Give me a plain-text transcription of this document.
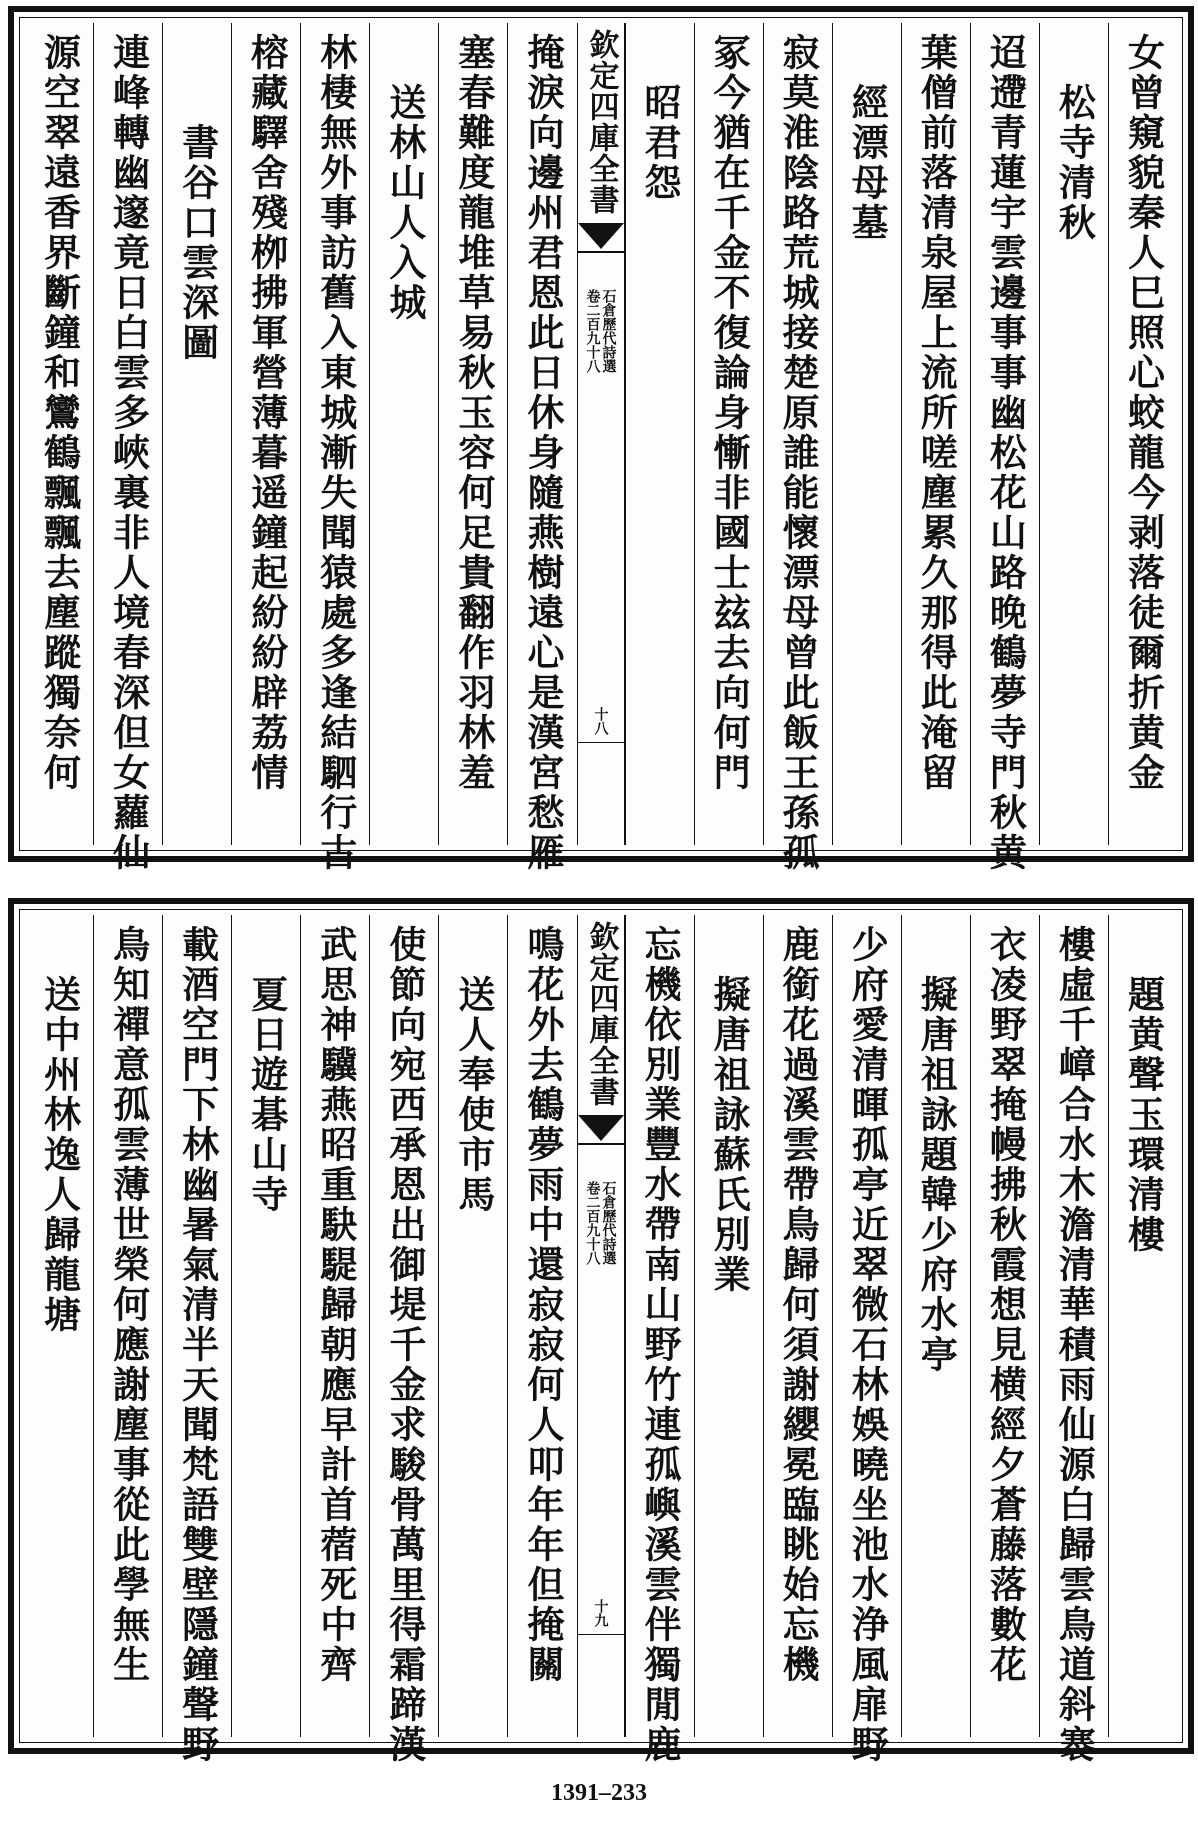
女曾窺貌秦人巳照心蛟龍今剥落徒爾折黄金
松寺清秋
迢遰青蓮宇雲邊事事幽松花山路晚鶴夢寺門秋黄
葉僧前落清泉屋上流所嗟塵累久那得此淹留
經漂母墓
寂莫淮陰路荒城接楚原誰能懷漂母曾此飯王孫孤
冢今猶在千金不復論身慚非國士玆去向何門
昭君怨
欽定四庫全書
石倉歷代詩選
卷二百九十八
十八
掩淚向邊州君恩此日休身隨燕樹遠心是漢宮愁雁
塞春難度龍堆草易秋玉容何足貴翻作羽林羞
送林山人入城
林棲無外事訪舊入東城漸失聞猿處多逢結駟行古
榕藏驛舍殘栁拂軍營薄暮遥鐘起紛紛辟荔情
書谷口雲深圖
連峰轉幽邃竟日白雲多峽裏非人境春深但女蘿仙
源空翠遠香界斷鐘和鸞鶴飄飄去塵蹤獨奈何
題黄聲玉環清樓
樓虛千嶂合水木澹清華積雨仙源白歸雲鳥道斜褰
衣凌野翠掩幔拂秋霞想見横經夕蒼藤落數花
擬唐祖詠題韓少府水亭
少府愛清暉孤亭近翠微石林娛曉坐池水浄風扉野
鹿銜花過溪雲帶鳥歸何須謝纓冕臨眺始忘機
擬唐祖詠蘇氏別業
忘機依別業豐水帶南山野竹連孤嶼溪雲伴獨閒鹿
欽定四庫全書
石倉歷代詩選
卷二百九十八
十九
鳴花外去鶴夢雨中還寂寂何人叩年年但掩關
送人奉使市馬
使節向宛西承恩出御堤千金求駿骨萬里得霜蹄漢
武思神驥燕昭重駃騠歸朝應早計首蓿死中齊
夏日遊碁山寺
載酒空門下林幽暑氣清半天聞梵語雙壁隱鐘聲野
鳥知禪意孤雲薄世榮何應謝塵事從此學無生
送中州林逸人歸龍塘
1391–233
